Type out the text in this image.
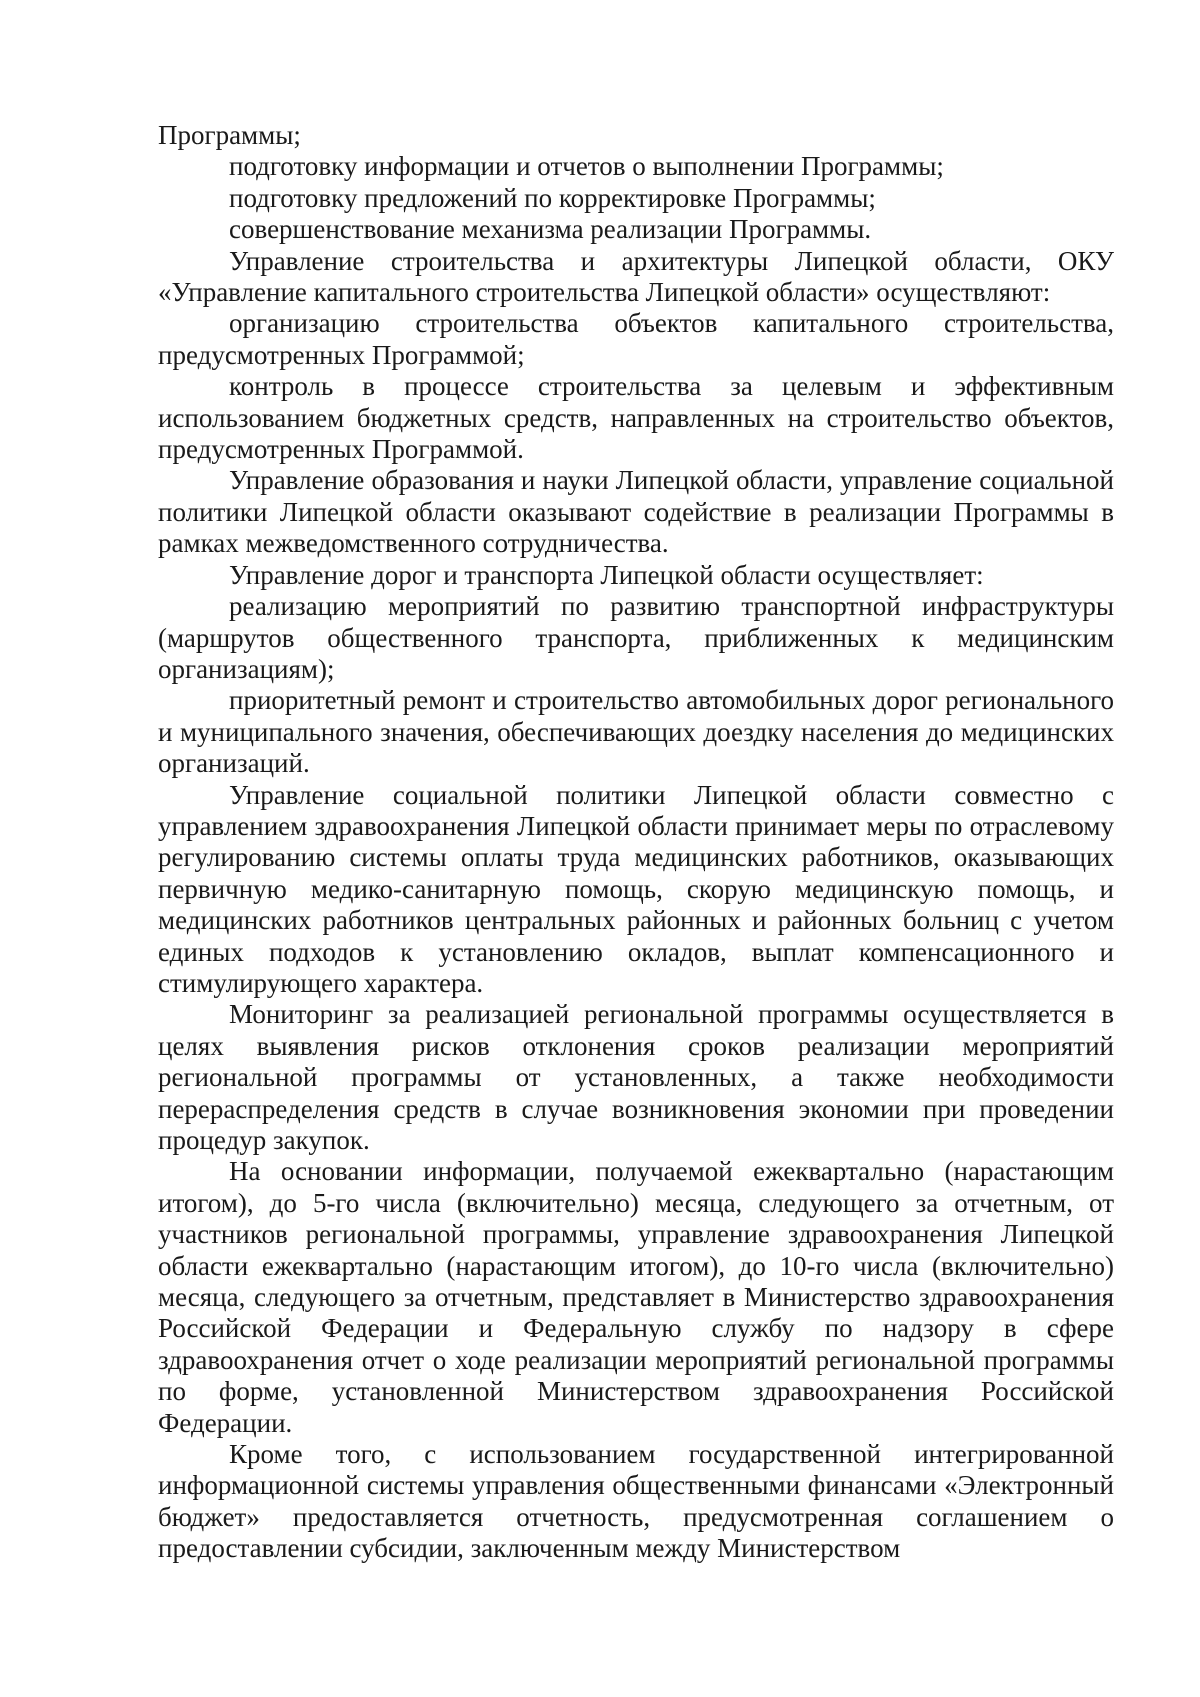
Программы;

подготовку информации и отчетов о выполнении Программы;

подготовку предложений по корректировке Программы;

совершенствование механизма реализации Программы.

Управление строительства и архитектуры Липецкой области, ОКУ «Управление капитального строительства Липецкой области» осуществляют:

организацию строительства объектов капитального строительства, предусмотренных Программой;

контроль в процессе строительства за целевым и эффективным использованием бюджетных средств, направленных на строительство объектов, предусмотренных Программой.

Управление образования и науки Липецкой области, управление социальной политики Липецкой области оказывают содействие в реализации Программы в рамках межведомственного сотрудничества.

Управление дорог и транспорта Липецкой области осуществляет:

реализацию мероприятий по развитию транспортной инфраструктуры (маршрутов общественного транспорта, приближенных к медицинским организациям);

приоритетный ремонт и строительство автомобильных дорог регионального и муниципального значения, обеспечивающих доездку населения до медицинских организаций.

Управление социальной политики Липецкой области совместно с управлением здравоохранения Липецкой области принимает меры по отраслевому регулированию системы оплаты труда медицинских работников, оказывающих первичную медико-санитарную помощь, скорую медицинскую помощь, и медицинских работников центральных районных и районных больниц с учетом единых подходов к установлению окладов, выплат компенсационного и стимулирующего характера.

Мониторинг за реализацией региональной программы осуществляется в целях выявления рисков отклонения сроков реализации мероприятий региональной программы от установленных, а также необходимости перераспределения средств в случае возникновения экономии при проведении процедур закупок.

На основании информации, получаемой ежеквартально (нарастающим итогом), до 5-го числа (включительно) месяца, следующего за отчетным, от участников региональной программы, управление здравоохранения Липецкой области ежеквартально (нарастающим итогом), до 10-го числа (включительно) месяца, следующего за отчетным, представляет в Министерство здравоохранения Российской Федерации и Федеральную службу по надзору в сфере здравоохранения отчет о ходе реализации мероприятий региональной программы по форме, установленной Министерством здравоохранения Российской Федерации.

Кроме того, с использованием государственной интегрированной информационной системы управления общественными финансами «Электронный бюджет» предоставляется отчетность, предусмотренная соглашением о предоставлении субсидии, заключенным между Министерством
